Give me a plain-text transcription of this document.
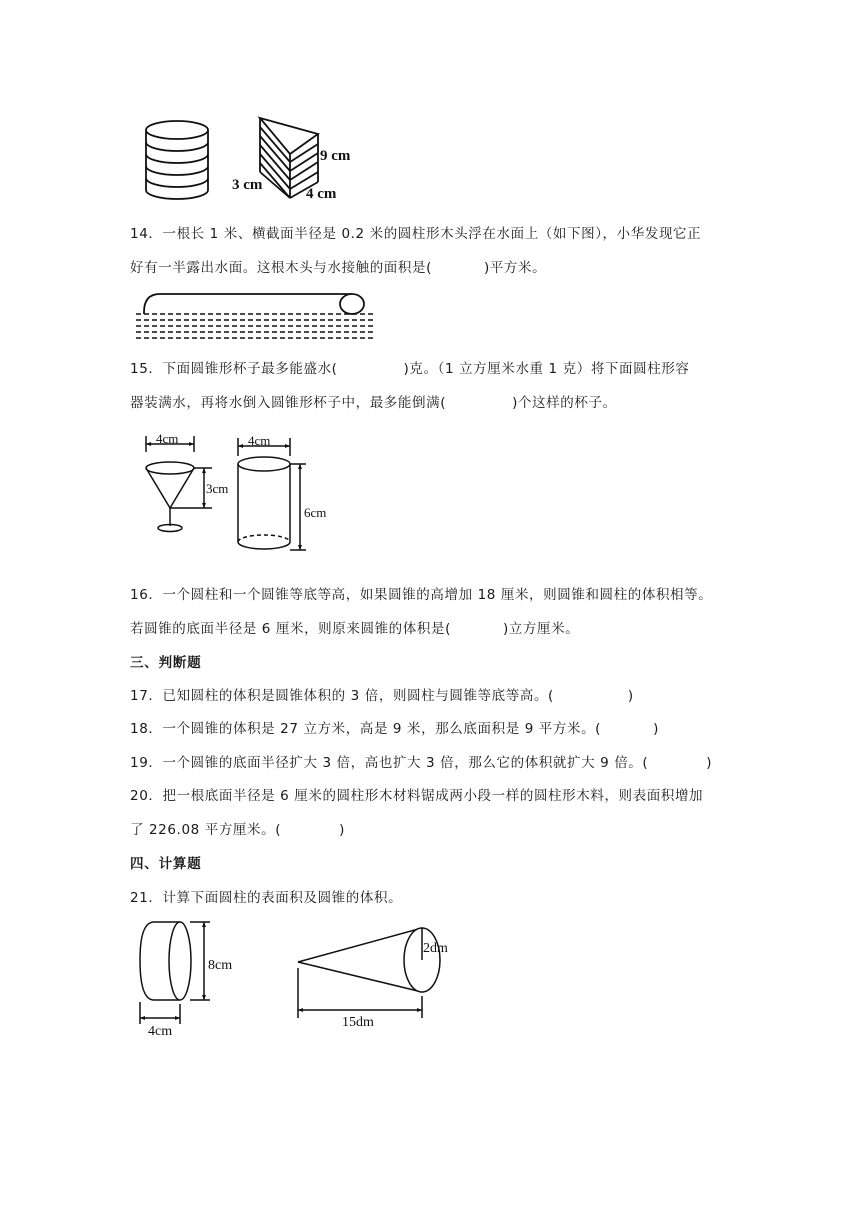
3 cm
9 cm
4 cm
14．一根长 1 米、横截面半径是 0.2 米的圆柱形木头浮在水面上（如下图），小华发现它正
好有一半露出水面。这根木头与水接触的面积是(	)平方米。
15．下面圆锥形杯子最多能盛水(	)克。（1 立方厘米水重 1 克）将下面圆柱形容
器装满水，再将水倒入圆锥形杯子中，最多能倒满(	)个这样的杯子。
4cm
3cm
4cm
6cm
16．一个圆柱和一个圆锥等底等高，如果圆锥的高增加 18 厘米，则圆锥和圆柱的体积相等。
若圆锥的底面半径是 6 厘米，则原来圆锥的体积是(	)立方厘米。
三、判断题
17．已知圆柱的体积是圆锥体积的 3 倍，则圆柱与圆锥等底等高。(	)
18．一个圆锥的体积是 27 立方米，高是 9 米，那么底面积是 9 平方米。(	)
19．一个圆锥的底面半径扩大 3 倍，高也扩大 3 倍，那么它的体积就扩大 9 倍。(	)
20．把一根底面半径是 6 厘米的圆柱形木材料锯成两小段一样的圆柱形木料，则表面积增加
了 226.08 平方厘米。(	)
四、计算题
21．计算下面圆柱的表面积及圆锥的体积。
8cm
4cm
2dm
15dm
